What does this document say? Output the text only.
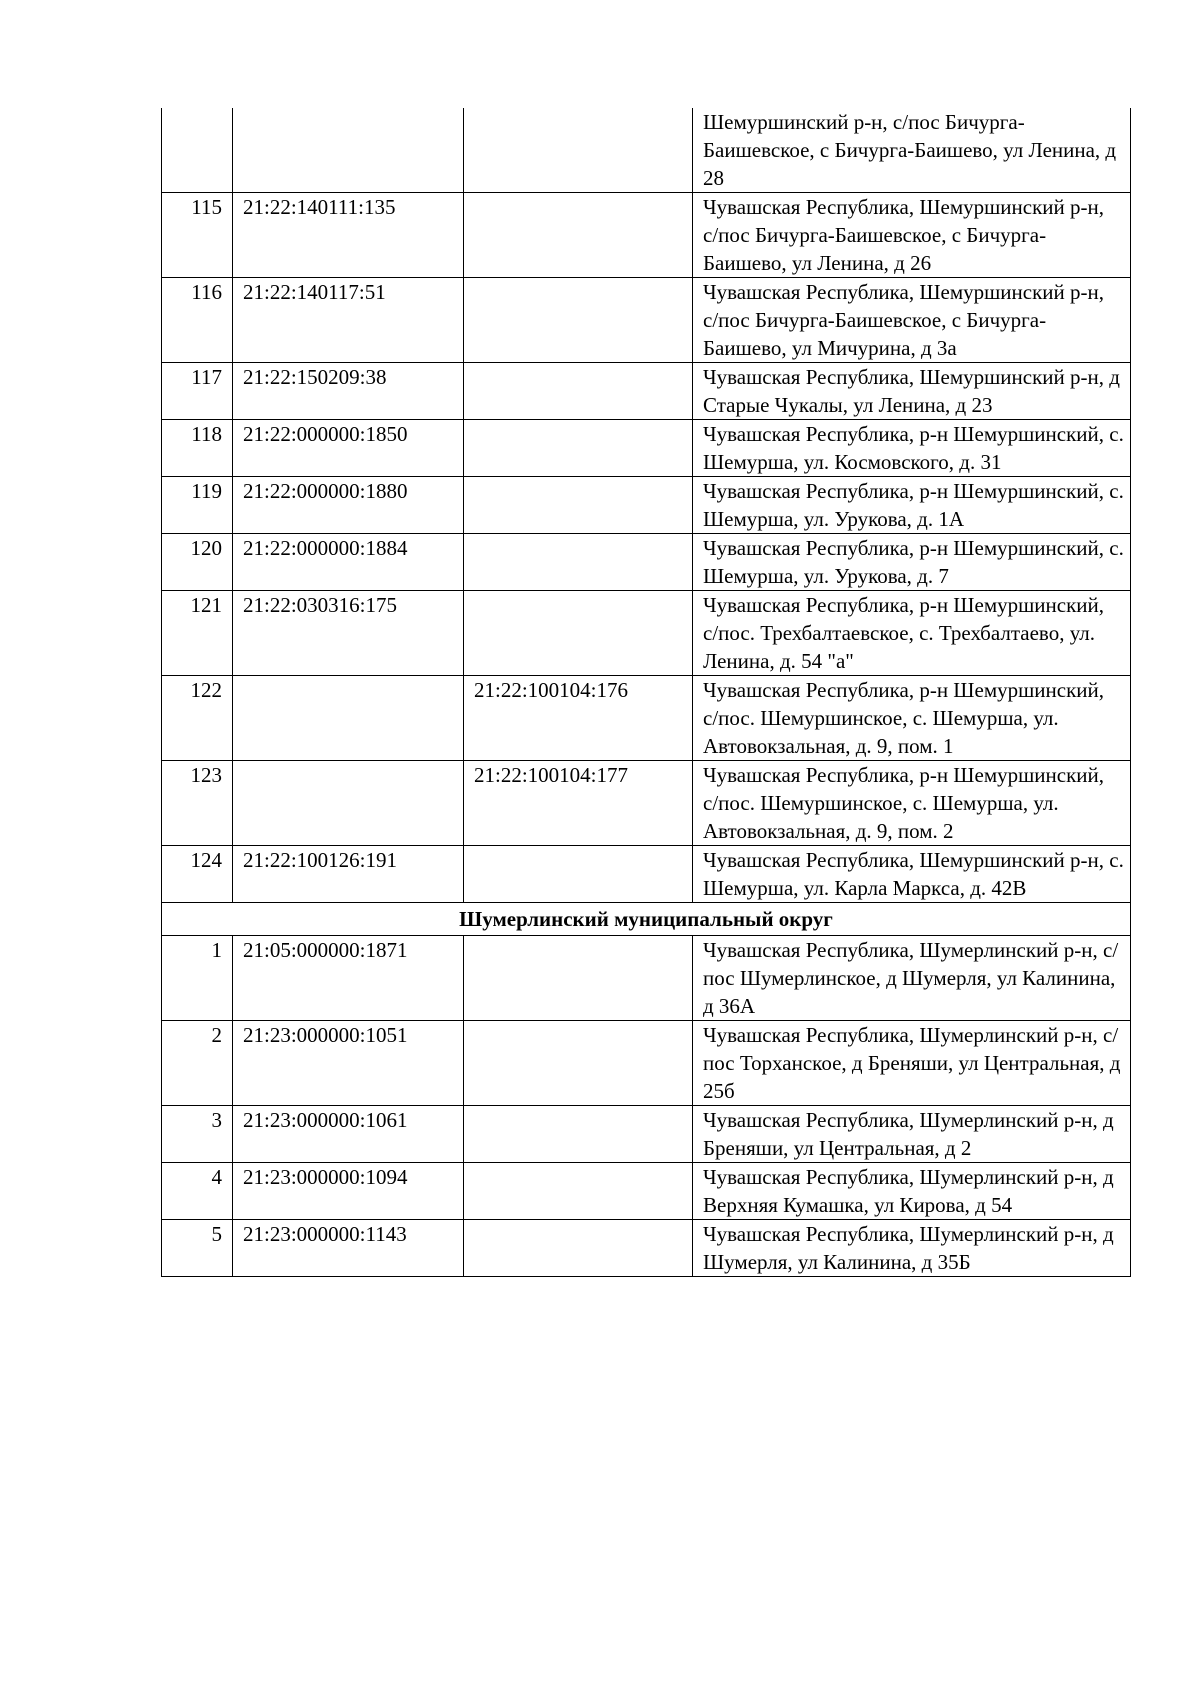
			Шемуршинский р-н, с/пос Бичурга-Баишевское, с Бичурга-Баишево, ул Ленина, д 28
115	21:22:140111:135		Чувашская Республика, Шемуршинский р-н, с/пос Бичурга-Баишевское, с Бичурга-Баишево, ул Ленина, д 26
116	21:22:140117:51		Чувашская Республика, Шемуршинский р-н, с/пос Бичурга-Баишевское, с Бичурга-Баишево, ул Мичурина, д 3а
117	21:22:150209:38		Чувашская Республика, Шемуршинский р-н, д Старые Чукалы, ул Ленина, д 23
118	21:22:000000:1850		Чувашская Республика, р-н Шемуршинский, с. Шемурша, ул. Космовского, д. 31
119	21:22:000000:1880		Чувашская Республика, р-н Шемуршинский, с. Шемурша, ул. Урукова, д. 1А
120	21:22:000000:1884		Чувашская Республика, р-н Шемуршинский, с. Шемурша, ул. Урукова, д. 7
121	21:22:030316:175		Чувашская Республика, р-н Шемуршинский, с/пос. Трехбалтаевское, с. Трехбалтаево, ул. Ленина, д. 54 "а"
122		21:22:100104:176	Чувашская Республика, р-н Шемуршинский, с/пос. Шемуршинское, с. Шемурша, ул. Автовокзальная, д. 9, пом. 1
123		21:22:100104:177	Чувашская Республика, р-н Шемуршинский, с/пос. Шемуршинское, с. Шемурша, ул. Автовокзальная, д. 9, пом. 2
124	21:22:100126:191		Чувашская Республика, Шемуршинский р-н, с. Шемурша, ул. Карла Маркса, д. 42В
Шумерлинский муниципальный округ			
1	21:05:000000:1871		Чувашская Республика, Шумерлинский р-н, с/пос Шумерлинское, д Шумерля, ул Калинина, д 36А
2	21:23:000000:1051		Чувашская Республика, Шумерлинский р-н, с/пос Торханское, д Бреняши, ул Центральная, д 25б
3	21:23:000000:1061		Чувашская Республика, Шумерлинский р-н, д Бреняши, ул Центральная, д 2
4	21:23:000000:1094		Чувашская Республика, Шумерлинский р-н, д Верхняя Кумашка, ул Кирова, д 54
5	21:23:000000:1143		Чувашская Республика, Шумерлинский р-н, д Шумерля, ул Калинина, д 35Б
